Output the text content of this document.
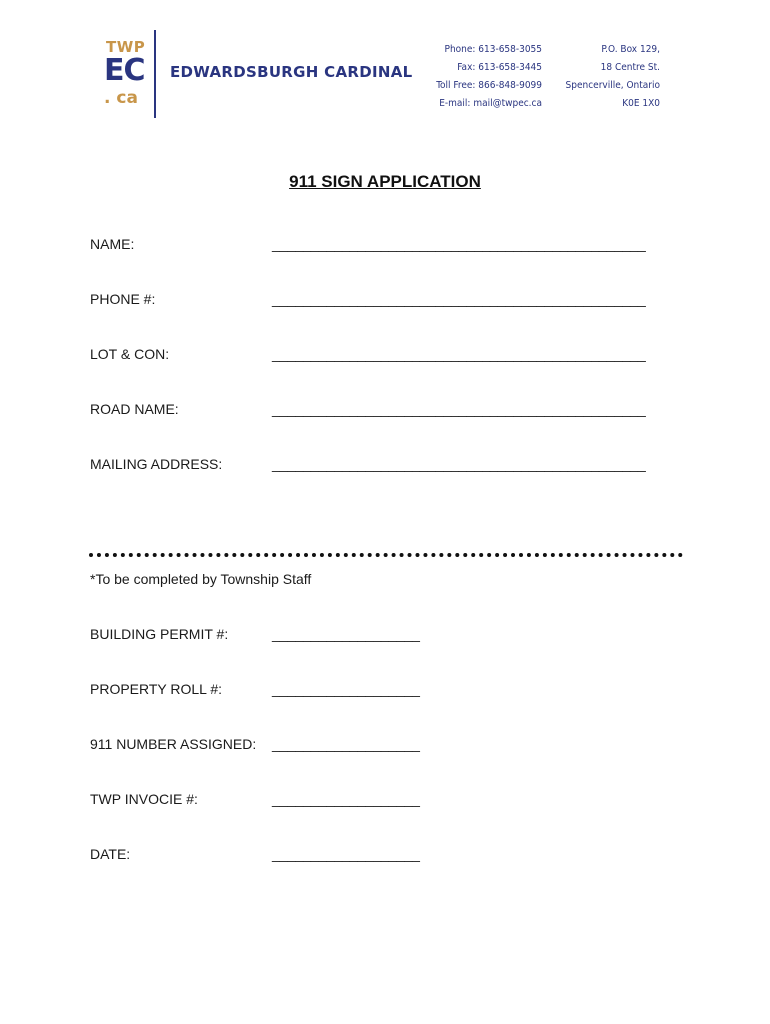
TWP
EC
. ca
EDWARDSBURGH CARDINAL
Phone: 613-658-3055
Fax: 613-658-3445
Toll Free: 866-848-9099
E-mail: mail@twpec.ca
P.O. Box 129,
18 Centre St.
Spencerville, Ontario
K0E 1X0
911 SIGN APPLICATION
NAME:	________________________________________________
PHONE #:	________________________________________________
LOT & CON:	________________________________________________
ROAD NAME:	________________________________________________
MAILING ADDRESS:	________________________________________________
*To be completed by Township Staff
BUILDING PERMIT #:	___________________
PROPERTY ROLL #:	___________________
911 NUMBER ASSIGNED: ___________________
TWP INVOCIE #:	___________________
DATE:	___________________
